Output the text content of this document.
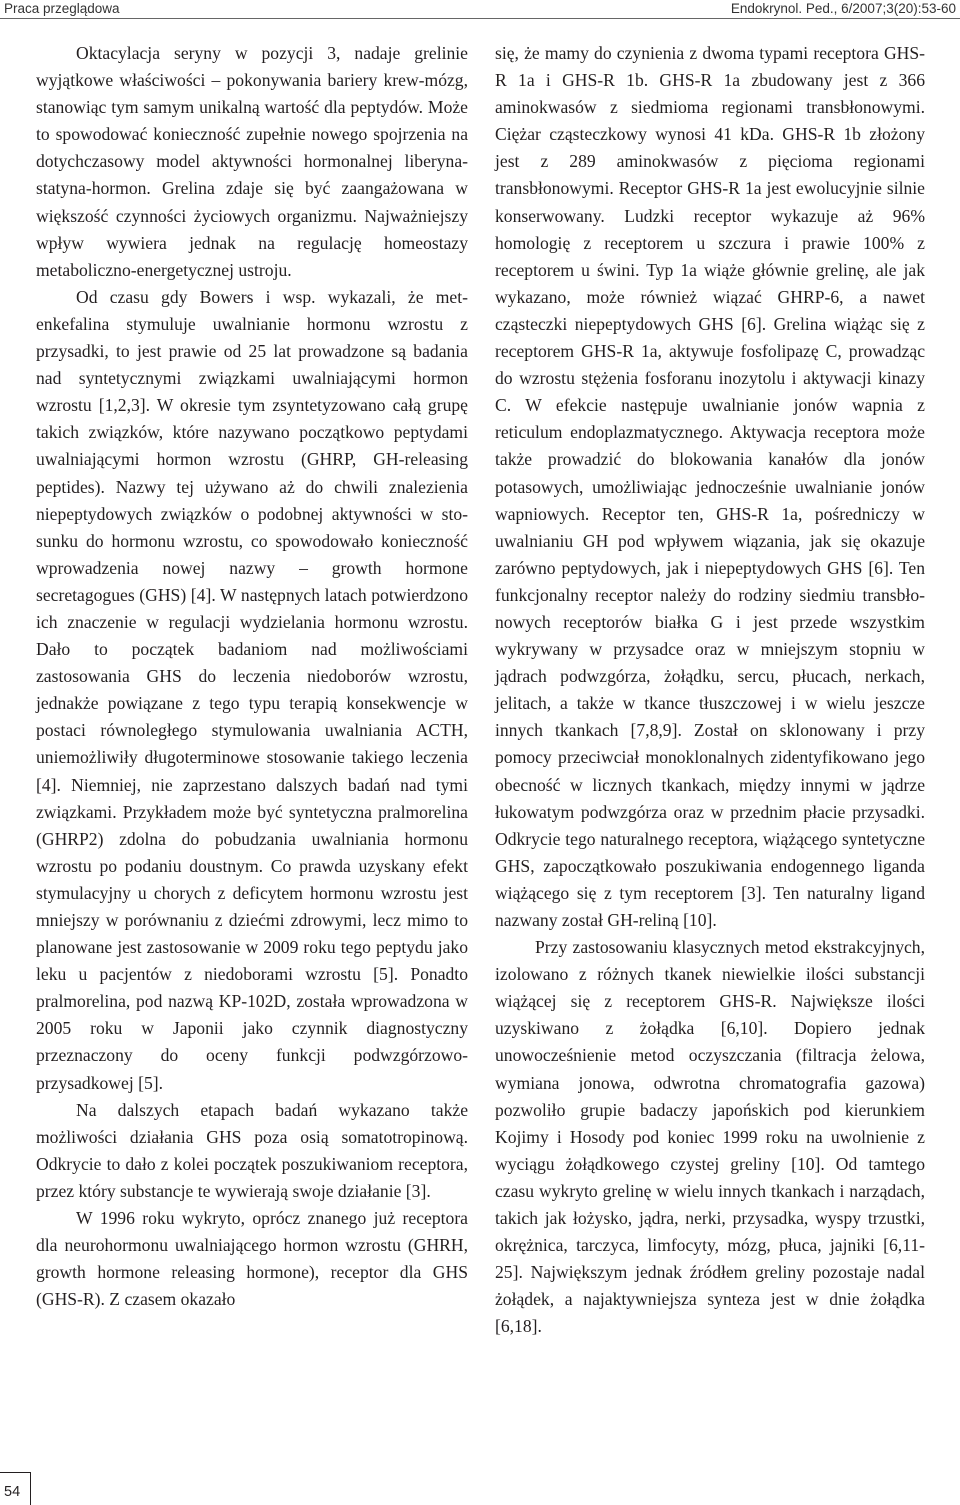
Praca przeglądowa	Endokrynol. Ped., 6/2007;3(20):53-60

Oktacylacja seryny w pozycji 3, nadaje grelinie wyjątkowe właściwości – pokonywania bariery krew-mózg, stanowiąc tym samym unikalną wartość dla peptydów. Może to spowodować konieczność zupełnie nowego spojrzenia na dotychczasowy model aktywności hormonalnej liberyna-statyna-hormon. Grelina zdaje się być zaangażowana w większość czynności życiowych organizmu. Najważniejszy wpływ wywiera jednak na regulację homeostazy metaboliczno-energetycznej ustroju.

Od czasu gdy Bowers i wsp. wykazali, że metenkefalina stymuluje uwalnianie hormonu wzrostu z przysadki, to jest prawie od 25 lat prowadzone są badania nad syntetycznymi związkami uwalniającymi hormon wzrostu [1,2,3]. W okresie tym zsyntetyzowano całą grupę takich związków, które nazywano początkowo peptydami uwalniającymi hormon wzrostu (GHRP, GH-releasing peptides). Nazwy tej używano aż do chwili znalezienia niepeptydowych związków o podobnej aktywności w stosunku do hormonu wzrostu, co spowodowało konieczność wprowadzenia nowej nazwy – growth hormone secretagogues (GHS) [4]. W następnych latach potwierdzono ich znaczenie w regulacji wydzielania hormonu wzrostu. Dało to początek badaniom nad możliwościami zastosowania GHS do leczenia niedoborów wzrostu, jednakże powiązane z tego typu terapią konsekwencje w postaci równoległego stymulowania uwalniania ACTH, uniemożliwiły długoterminowe stosowanie takiego leczenia [4]. Niemniej, nie zaprzestano dalszych badań nad tymi związkami. Przykładem może być syntetyczna pralmorelina (GHRP2) zdolna do pobudzania uwalniania hormonu wzrostu po podaniu doustnym. Co prawda uzyskany efekt stymulacyjny u chorych z deficytem hormonu wzrostu jest mniejszy w porównaniu z dziećmi zdrowymi, lecz mimo to planowane jest zastosowanie w 2009 roku tego peptydu jako leku u pacjentów z niedoborami wzrostu [5]. Ponadto pralmorelina, pod nazwą KP-102D, została wprowadzona w 2005 roku w Japonii jako czynnik diagnostyczny przeznaczony do oceny funkcji podwzgórzowo-przysadkowej [5].

Na dalszych etapach badań wykazano także możliwości działania GHS poza osią somatotropinową. Odkrycie to dało z kolei początek poszukiwaniom receptora, przez który substancje te wywierają swoje działanie [3].

W 1996 roku wykryto, oprócz znanego już receptora dla neurohormonu uwalniającego hormon wzrostu (GHRH, growth hormone releasing hormone), receptor dla GHS (GHS-R). Z czasem okazało

się, że mamy do czynienia z dwoma typami receptora GHS-R 1a i GHS-R 1b. GHS-R 1a zbudowany jest z 366 aminokwasów z siedmioma regionami transbłonowymi. Ciężar cząsteczkowy wynosi 41 kDa. GHS-R 1b złożony jest z 289 aminokwasów z pięcioma regionami transbłonowymi. Receptor GHS-R 1a jest ewolucyjnie silnie konserwowany. Ludzki receptor wykazuje aż 96% homologię z receptorem u szczura i prawie 100% z receptorem u świni. Typ 1a wiąże głównie grelinę, ale jak wykazano, może również wiązać GHRP-6, a nawet cząsteczki niepeptydowych GHS [6]. Grelina wiążąc się z receptorem GHS-R 1a, aktywuje fosfolipazę C, prowadząc do wzrostu stężenia fosforanu inozytolu i aktywacji kinazy C. W efekcie następuje uwalnianie jonów wapnia z reticulum endoplazmatycznego. Aktywacja receptora może także prowadzić do blokowania kanałów dla jonów potasowych, umożliwiając jednocześnie uwalnianie jonów wapniowych. Receptor ten, GHS-R 1a, pośredniczy w uwalnianiu GH pod wpływem wiązania, jak się okazuje zarówno peptydowych, jak i niepeptydowych GHS [6]. Ten funkcjonalny receptor należy do rodziny siedmiu transbłonowych receptorów białka G i jest przede wszystkim wykrywany w przysadce oraz w mniejszym stopniu w jądrach podwzgórza, żołądku, sercu, płucach, nerkach, jelitach, a także w tkance tłuszczowej i w wielu jeszcze innych tkankach [7,8,9]. Został on sklonowany i przy pomocy przeciwciał monoklonalnych zidentyfikowano jego obecność w licznych tkankach, między innymi w jądrze łukowatym podwzgórza oraz w przednim płacie przysadki. Odkrycie tego naturalnego receptora, wiążącego syntetyczne GHS, zapoczątkowało poszukiwania endogennego liganda wiążącego się z tym receptorem [3]. Ten naturalny ligand nazwany został GH-reliną [10].

Przy zastosowaniu klasycznych metod ekstrakcyjnych, izolowano z różnych tkanek niewielkie ilości substancji wiążącej się z receptorem GHS-R. Największe ilości uzyskiwano z żołądka [6,10]. Dopiero jednak unowocześnienie metod oczyszczania (filtracja żelowa, wymiana jonowa, odwrotna chromatografia gazowa) pozwoliło grupie badaczy japońskich pod kierunkiem Kojimy i Hosody pod koniec 1999 roku na uwolnienie z wyciągu żołądkowego czystej greliny [10]. Od tamtego czasu wykryto grelinę w wielu innych tkankach i narządach, takich jak łożysko, jądra, nerki, przysadka, wyspy trzustki, okrężnica, tarczyca, limfocyty, mózg, płuca, jajniki [6,11-25]. Największym jednak źródłem greliny pozostaje nadal żołądek, a najaktywniejsza synteza jest w dnie żołądka [6,18].

54
